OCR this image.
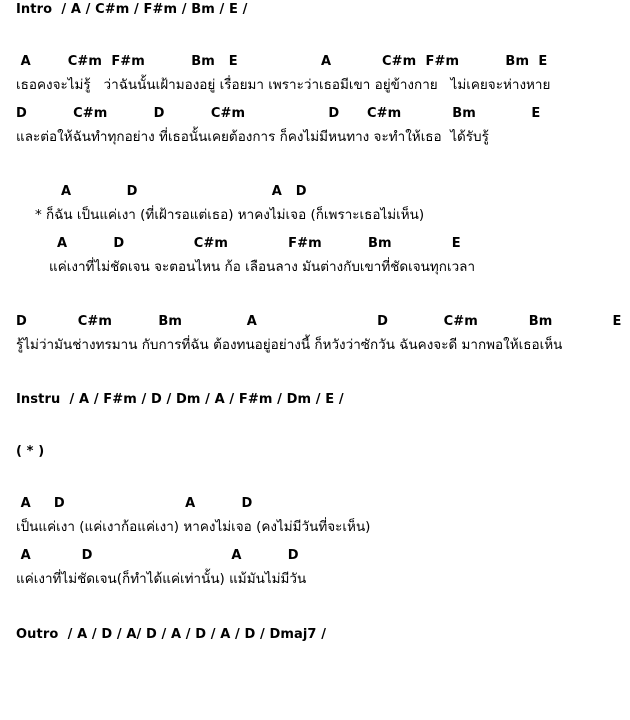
Intro  / A / C#m / F#m / Bm / E /
A        C#m  F#m          Bm   E                  A           C#m  F#m          Bm  E
เธอคงจะไม่รู้   ว่าฉันนั้นเฝ้ามองอยู่ เรื่อยมา เพราะว่าเธอมีเขา อยู่ข้างกาย   ไม่เคยจะห่างหาย
D          C#m          D          C#m                  D      C#m           Bm            E
และต่อให้ฉันทำทุกอย่าง ที่เธอนั้นเคยต้องการ ก็คงไม่มีหนทาง จะทำให้เธอ  ได้รับรู้
A            D                             A   D
* ก็ฉัน เป็นแค่เงา (ที่เฝ้ารอแต่เธอ) หาคงไม่เจอ (ก็เพราะเธอไม่เห็น)
A          D               C#m             F#m          Bm             E
แค่เงาที่ไม่ชัดเจน จะตอนไหน ก้อ เลือนลาง มันต่างกับเขาที่ชัดเจนทุกเวลา
D           C#m          Bm              A                          D            C#m           Bm             E
รู้ไม่ว่ามันช่างทรมาน กับการที่ฉัน ต้องทนอยู่อย่างนี้ ก็หวังว่าซักวัน ฉันคงจะดี มากพอให้เธอเห็น
Instru  / A / F#m / D / Dm / A / F#m / Dm / E /
( * )
A     D                          A          D
เป็นแค่เงา (แค่เงาก้อแค่เงา) หาคงไม่เจอ (คงไม่มีวันที่จะเห็น)
A           D                              A          D
แค่เงาที่ไม่ชัดเจน(ก็ทำได้แค่เท่านั้น) แม้มันไม่มีวัน
Outro  / A / D / A/ D / A / D / A / D / Dmaj7 /
